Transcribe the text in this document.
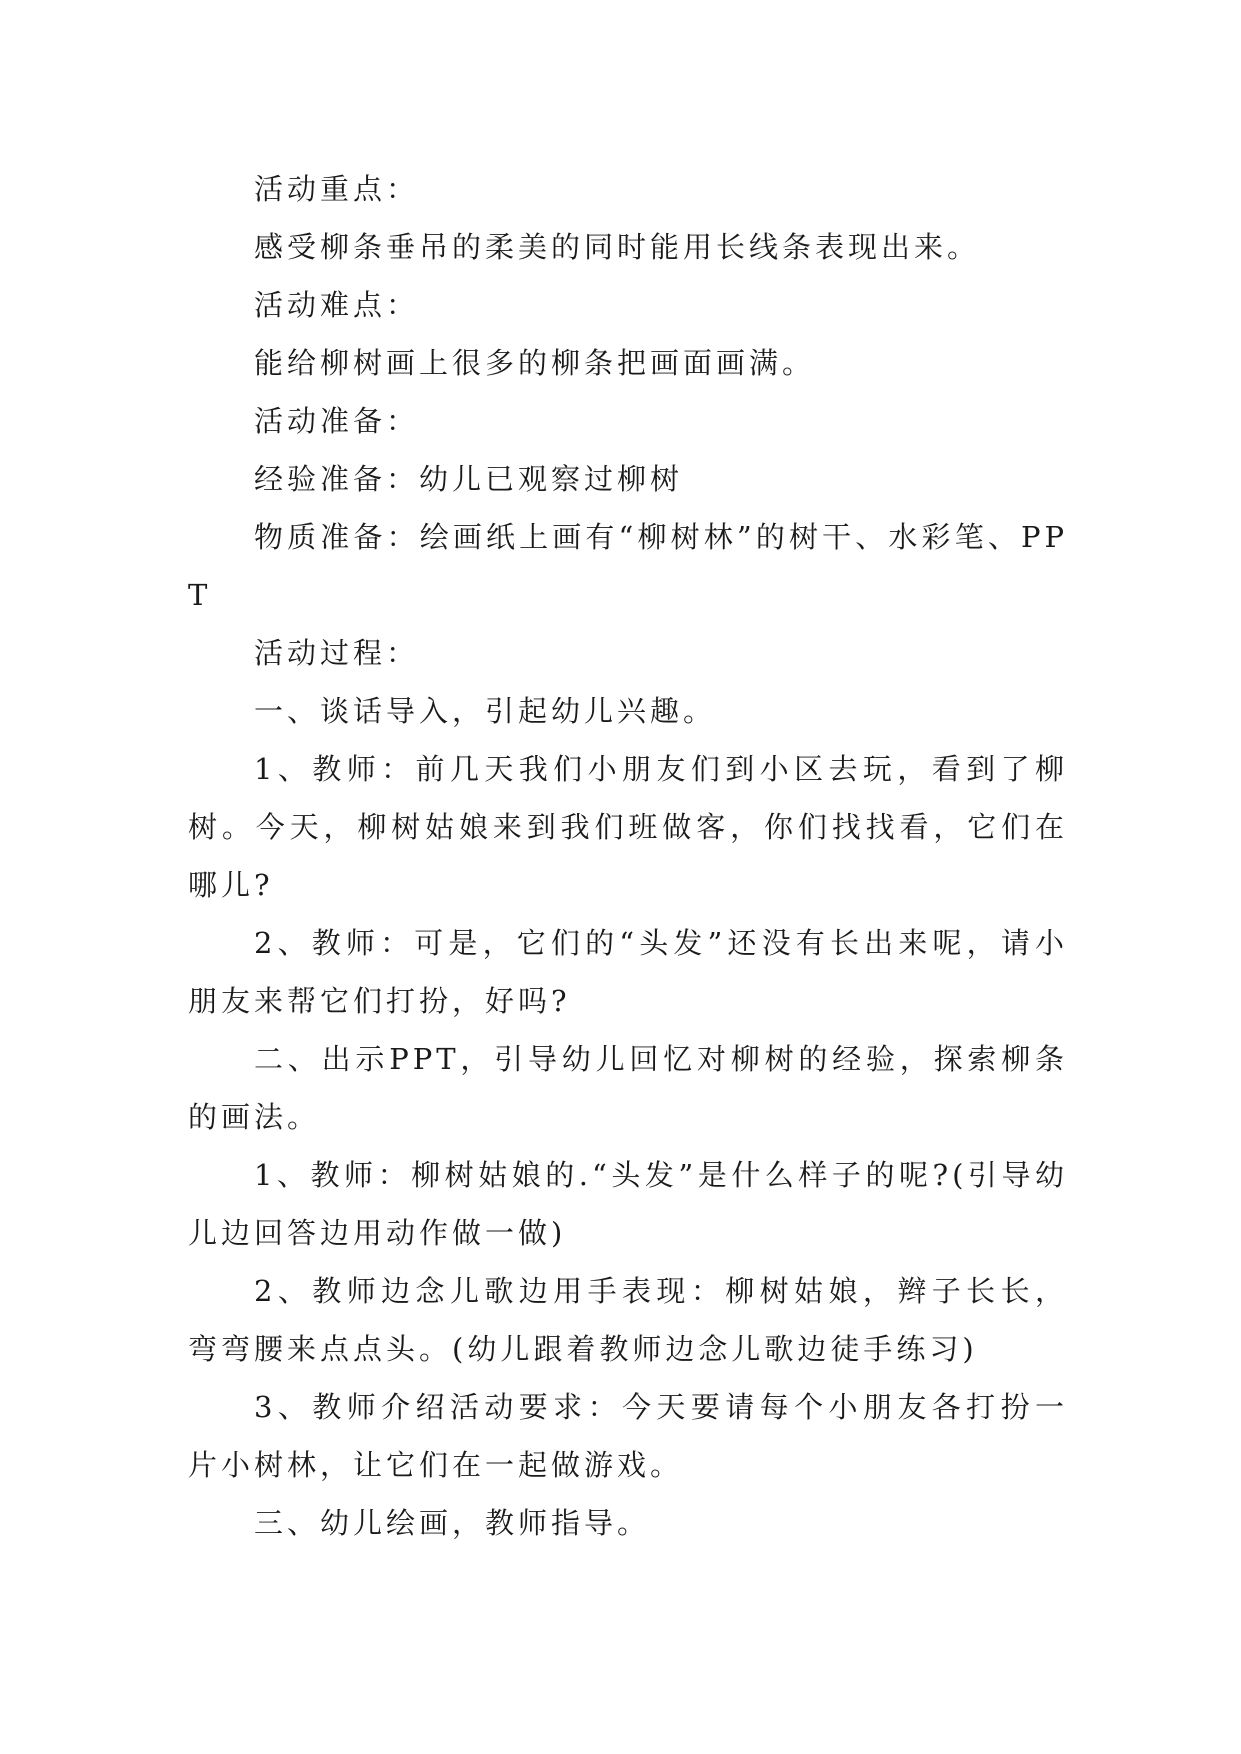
活动重点：

感受柳条垂吊的柔美的同时能用长线条表现出来。

活动难点：

能给柳树画上很多的柳条把画面画满。

活动准备：

经验准备：幼儿已观察过柳树

物质准备：绘画纸上画有“柳树林”的树干、水彩笔、PPT

活动过程：

一、谈话导入，引起幼儿兴趣。

1、教师：前几天我们小朋友们到小区去玩，看到了柳树。今天，柳树姑娘来到我们班做客，你们找找看，它们在哪儿?

2、教师：可是，它们的“头发”还没有长出来呢，请小朋友来帮它们打扮，好吗?

二、出示PPT，引导幼儿回忆对柳树的经验，探索柳条的画法。

1、教师：柳树姑娘的.“头发”是什么样子的呢?(引导幼儿边回答边用动作做一做)

2、教师边念儿歌边用手表现：柳树姑娘，辫子长长，弯弯腰来点点头。(幼儿跟着教师边念儿歌边徒手练习)

3、教师介绍活动要求：今天要请每个小朋友各打扮一片小树林，让它们在一起做游戏。

三、幼儿绘画，教师指导。
